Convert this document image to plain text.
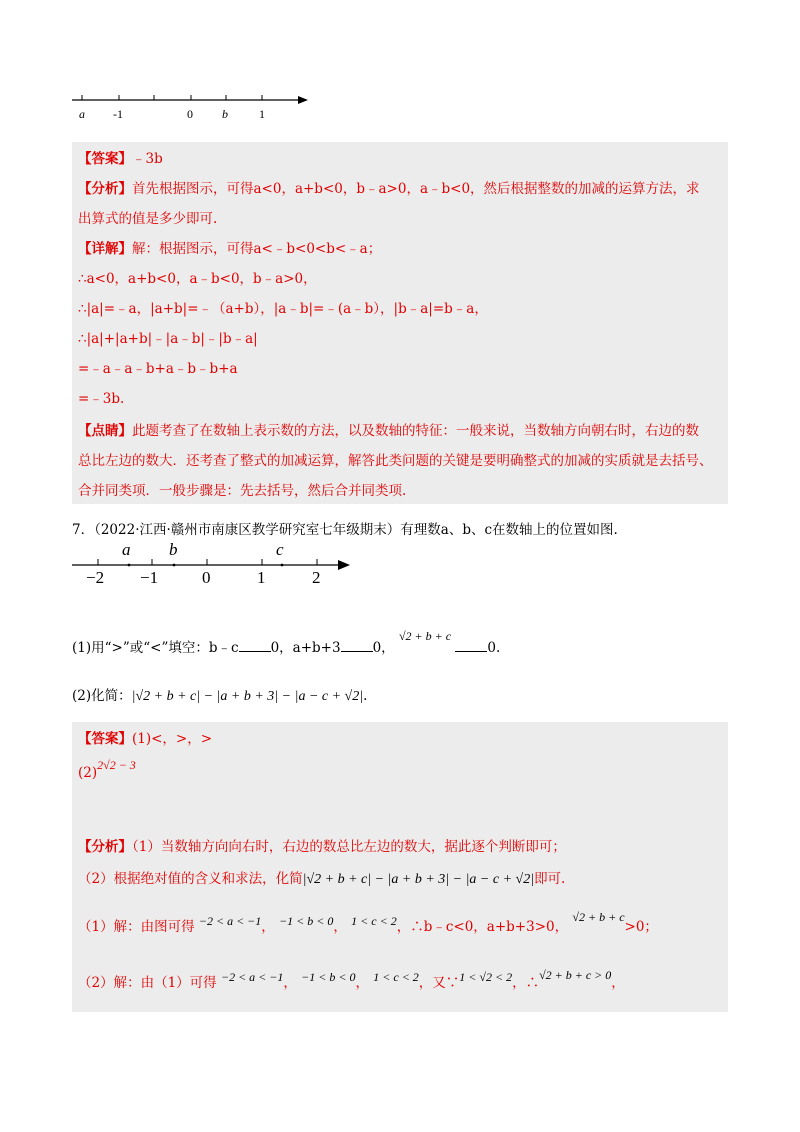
a -1	0 b	1
【答案】﹣3b
【分析】首先根据图示，可得a<0，a+b<0，b﹣a>0，a﹣b<0，然后根据整数的加减的运算方法，求
出算式的值是多少即可.
【详解】解：根据图示，可得a<﹣b<0<b<﹣a；
∴a<0，a+b<0，a﹣b<0，b﹣a>0，
∴|a|=﹣a，|a+b|=﹣（a+b），|a﹣b|=﹣(a﹣b），|b﹣a|=b﹣a，
∴|a|+|a+b|﹣|a﹣b|﹣|b﹣a|
=﹣a﹣a﹣b+a﹣b﹣b+a
=﹣3b.
【点睛】此题考查了在数轴上表示数的方法，以及数轴的特征：一般来说，当数轴方向朝右时，右边的数
总比左边的数大．还考查了整式的加减运算，解答此类问题的关键是要明确整式的加减的实质就是去括号、
合并同类项．一般步骤是：先去括号，然后合并同类项.
7．（2022·江西·赣州市南康区教学研究室七年级期末）有理数a、b、c在数轴上的位置如图.
a b	c
−2 −1	0	1	2
(1)用“>”或“<”填空：b﹣c 0，a+b+3 0， √2 + b + c 0.
(2)化简：|√2 + b + c| − |a + b + 3| − |a − c + √2|.
【答案】(1)<，>，>
(2)2√2 − 3
【分析】（1）当数轴方向向右时，右边的数总比左边的数大，据此逐个判断即可；
（2）根据绝对值的含义和求法，化简|√2 + b + c| − |a + b + 3| − |a − c + √2|即可.
（1）解：由图可得 −2 < a < −1， −1 < b < 0， 1 < c < 2，∴b﹣c<0，a+b+3>0， √2 + b + c>0；
（2）解：由（1）可得 −2 < a < −1， −1 < b < 0， 1 < c < 2，又∵1 < √2 < 2，∴√2 + b + c > 0，
